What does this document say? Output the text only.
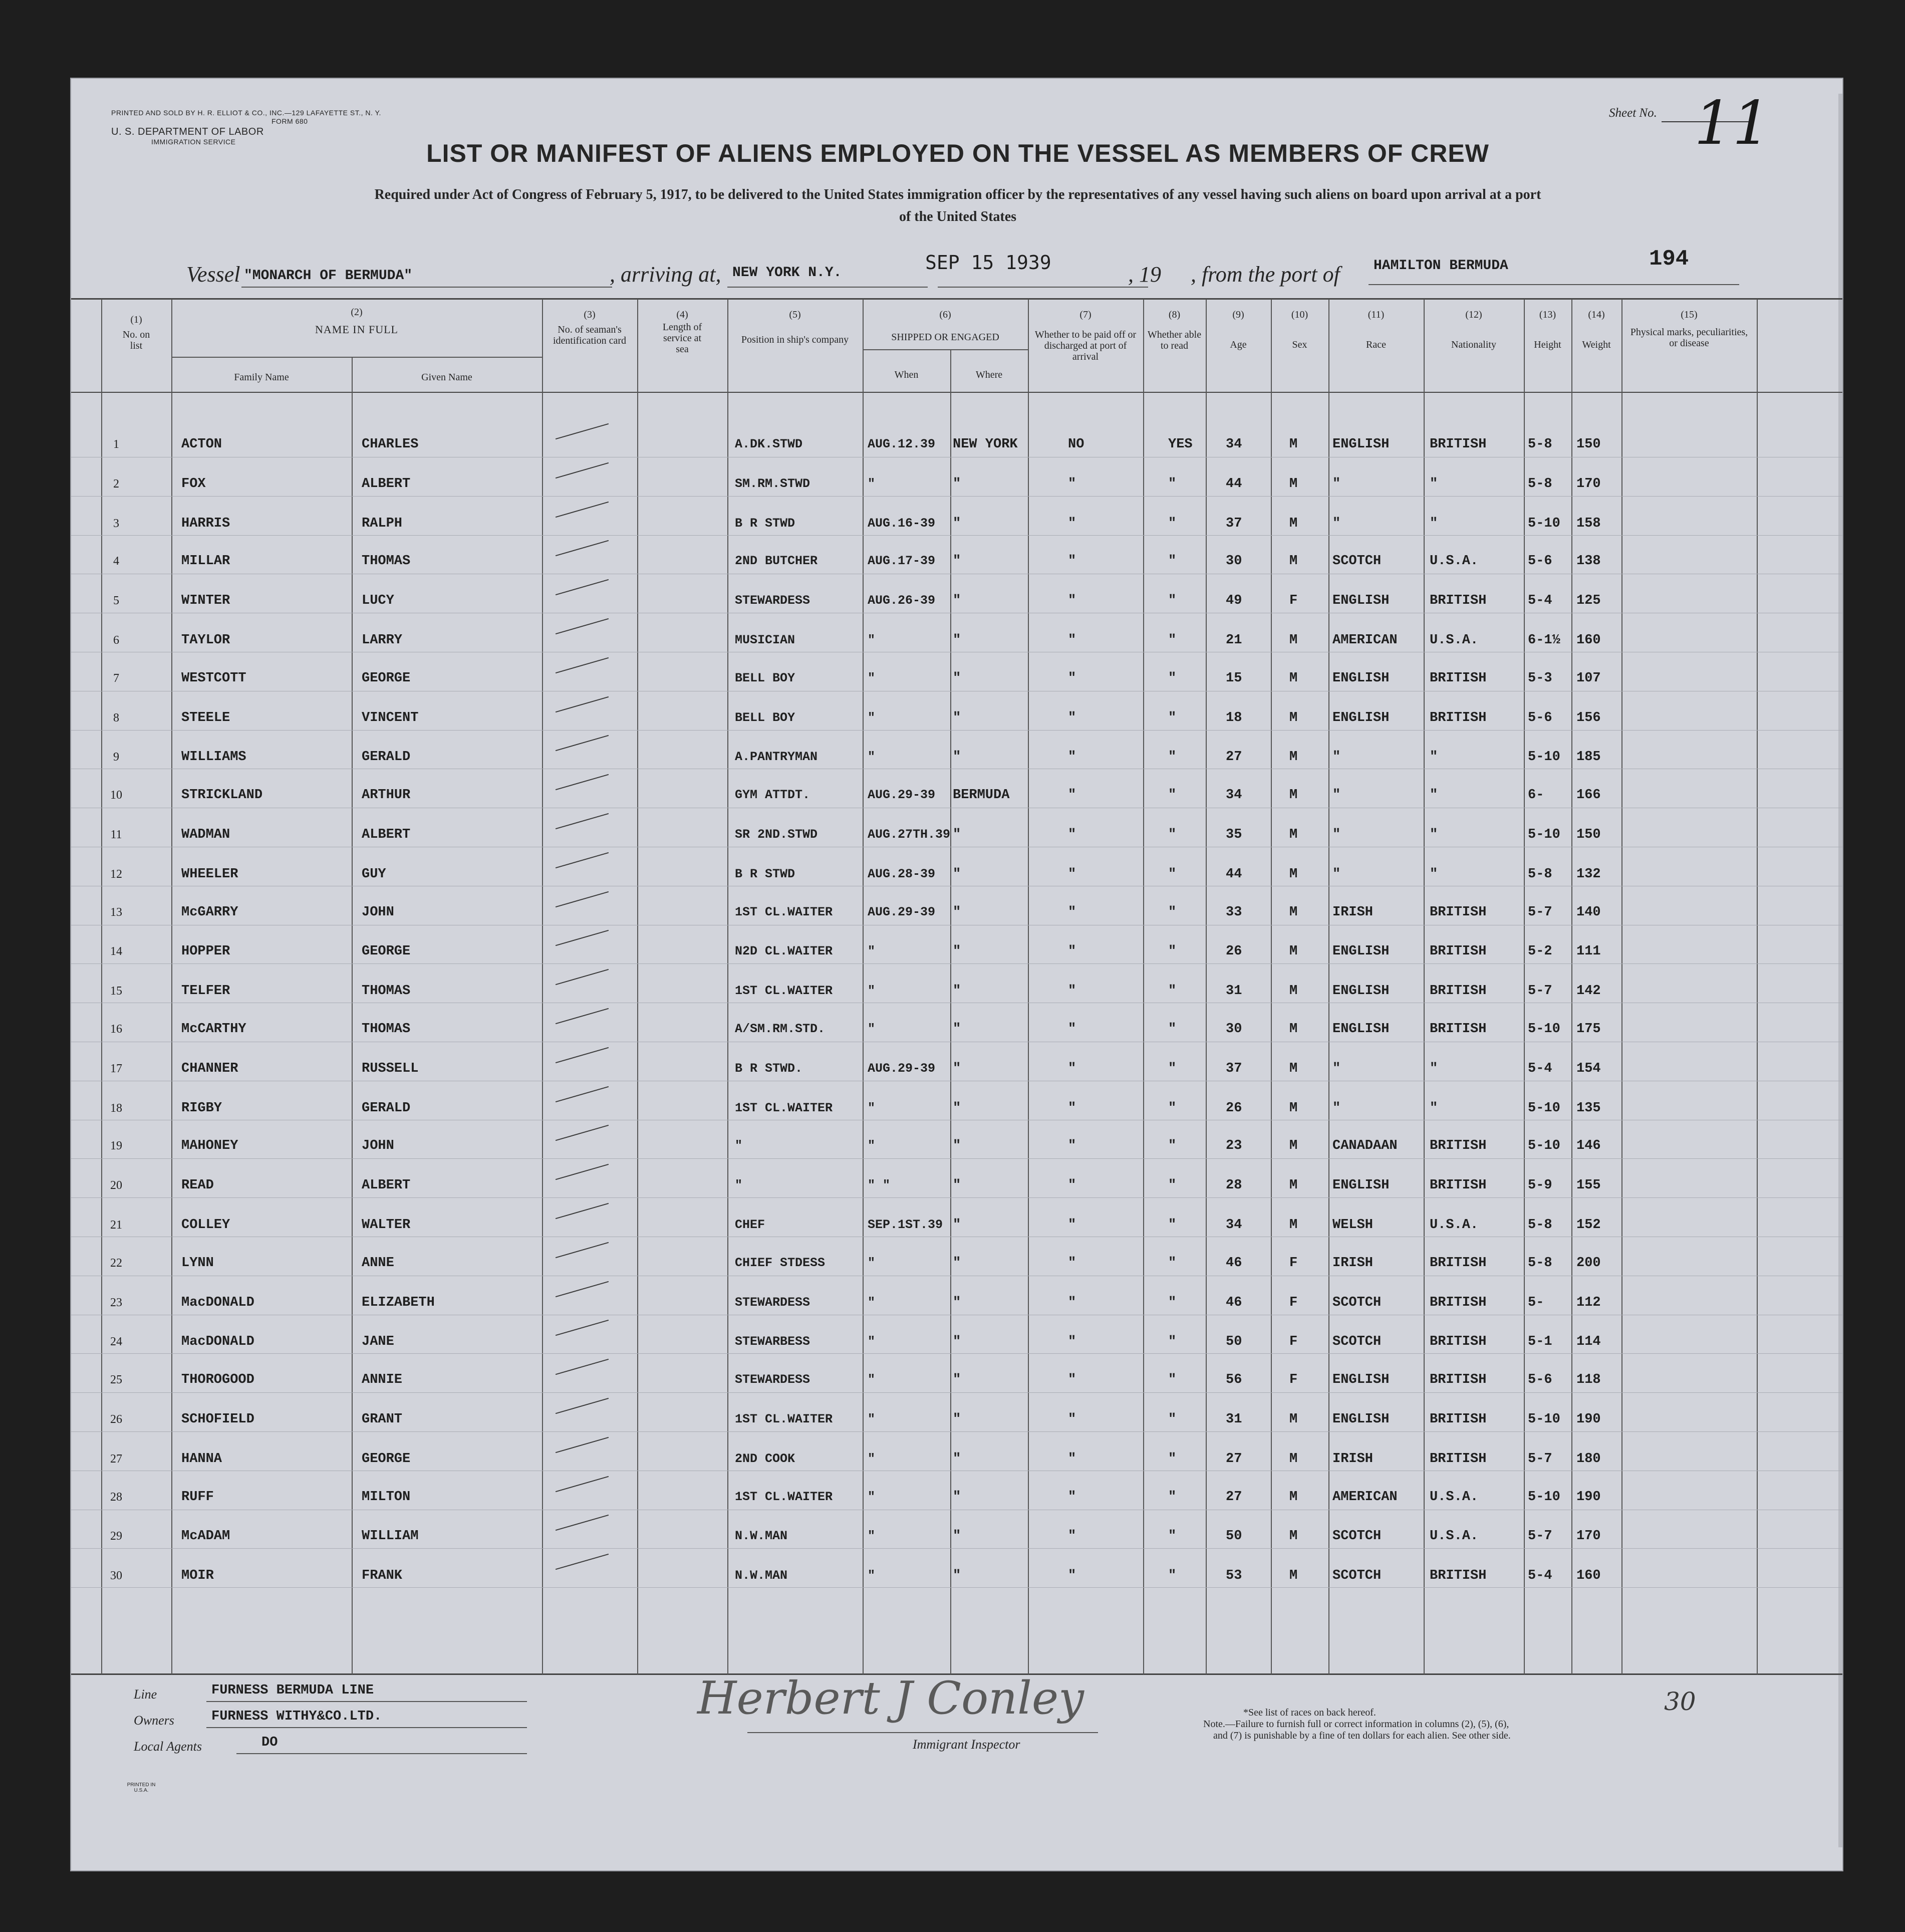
PRINTED AND SOLD BY H. R. ELLIOT & CO., INC.—129 LAFAYETTE ST., N. Y.
FORM 680
U. S. DEPARTMENT OF LABOR
IMMIGRATION SERVICE
Sheet No. 11
LIST OR MANIFEST OF ALIENS EMPLOYED ON THE VESSEL AS MEMBERS OF CREW
Required under Act of Congress of February 5, 1917, to be delivered to the United States immigration officer by the representatives of any vessel having such aliens on board upon arrival at a port
of the United States
Vessel "MONARCH OF BERMUDA"	, arriving at, NEW YORK N.Y.	SEP 15 1939	, 19 , from the port of HAMILTON BERMUDA	194
(1)
No. on list
(2)
NAME IN FULL
Family Name	Given Name
(3)
No. of seaman's identification card
(4)
Length of service at sea
(5)
Position in ship's company
(6)
SHIPPED OR ENGAGED
When	Where
(7)
Whether to be paid off or discharged at port of arrival
(8)
Whether able to read
(9)
Age
(10)
Sex
(11)
Race
(12)
Nationality
(13)
Height
(14)
Weight
(15)
Physical marks, peculiarities, or disease
1	ACTON	CHARLES	A.DK.STWD	AUG.12.39 NEW YORK	NO	YES 34	M	ENGLISH	BRITISH	5-8 150
2	FOX	ALBERT	SM.RM.STWD	"	"	"	"	44	M	"	"	5-8 170
3	HARRIS	RALPH	B R STWD	AUG.16-39 "	"	"	37	M	"	"	5-10 158
4	MILLAR	THOMAS	2ND BUTCHER	AUG.17-39 "	"	"	30	M	SCOTCH	U.S.A.	5-6 138
5	WINTER	LUCY	STEWARDESS	AUG.26-39 "	"	"	49	F	ENGLISH	BRITISH	5-4 125
6	TAYLOR	LARRY	MUSICIAN	"	"	"	"	21	M	AMERICAN U.S.A.	6-1½ 160
7	WESTCOTT	GEORGE	BELL BOY	"	"	"	"	15	M	ENGLISH	BRITISH	5-3 107
8	STEELE	VINCENT	BELL BOY	"	"	"	"	18	M	ENGLISH	BRITISH	5-6 156
9	WILLIAMS	GERALD	A.PANTRYMAN	"	"	"	"	27	M	"	"	5-10 185
10	STRICKLAND	ARTHUR	GYM ATTDT.	AUG.29-39 BERMUDA	"	"	34	M	"	"	6- 166
11	WADMAN	ALBERT	SR 2ND.STWD	AUG.27TH.39 "	"	"	35	M	"	"	5-10 150
12	WHEELER	GUY	B R STWD	AUG.28-39 "	"	"	44	M	"	"	5-8 132
13	McGARRY	JOHN	1ST CL.WAITER	AUG.29-39 "	"	"	33	M	IRISH	BRITISH	5-7 140
14	HOPPER	GEORGE	N2D CL.WAITER	"	"	"	"	26	M	ENGLISH	BRITISH	5-2 111
15	TELFER	THOMAS	1ST CL.WAITER	"	"	"	"	31	M	ENGLISH	BRITISH	5-7 142
16	McCARTHY	THOMAS	A/SM.RM.STD.	"	"	"	"	30	M	ENGLISH	BRITISH	5-10 175
17	CHANNER	RUSSELL	B R STWD.	AUG.29-39 "	"	"	37	M	"	"	5-4 154
18	RIGBY	GERALD	1ST CL.WAITER	"	"	"	"	26	M	"	"	5-10 135
19	MAHONEY	JOHN	"	"	"	"	"	23	M	CANADAAN BRITISH	5-10 146
20	READ	ALBERT	"	" "	"	"	"	28	M	ENGLISH	BRITISH	5-9 155
21	COLLEY	WALTER	CHEF	SEP.1ST.39 "	"	"	34	M	WELSH	U.S.A.	5-8 152
22	LYNN	ANNE	CHIEF STDESS	"	"	"	"	46	F	IRISH	BRITISH	5-8 200
23	MacDONALD	ELIZABETH	STEWARDESS	"	"	"	"	46	F	SCOTCH	BRITISH	5- 112
24	MacDONALD	JANE	STEWARBESS	"	"	"	"	50	F	SCOTCH	BRITISH	5-1 114
25	THOROGOOD	ANNIE	STEWARDESS	"	"	"	"	56	F	ENGLISH	BRITISH	5-6 118
26	SCHOFIELD	GRANT	1ST CL.WAITER	"	"	"	"	31	M	ENGLISH	BRITISH	5-10 190
27	HANNA	GEORGE	2ND COOK	"	"	"	"	27	M	IRISH	BRITISH	5-7 180
28	RUFF	MILTON	1ST CL.WAITER	"	"	"	"	27	M	AMERICAN U.S.A.	5-10 190
29	McADAM	WILLIAM	N.W.MAN	"	"	"	"	50	M	SCOTCH	U.S.A.	5-7 170
30	MOIR	FRANK	N.W.MAN	"	"	"	"	53	M	SCOTCH	BRITISH	5-4 160
Line	FURNESS BERMUDA LINE
Owners	FURNESS WITHY&CO.LTD.
Local Agents	DO
PRINTED IN U.S.A.
Herbert J Conley
Immigrant Inspector
*See list of races on back hereof.
Note.—Failure to furnish full or correct information in columns (2), (5), (6),
and (7) is punishable by a fine of ten dollars for each alien. See other side.
30
